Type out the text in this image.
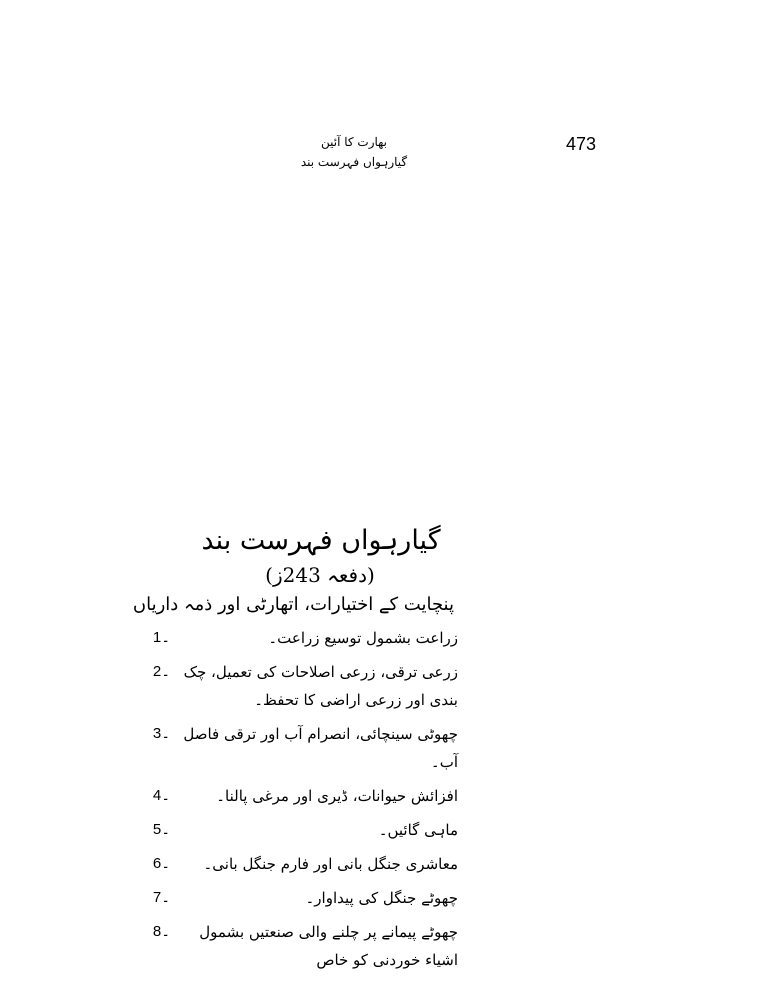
473
بھارت کا آئین
گیارہواں فہرست بند
گیارہواں فہرست بند
(دفعہ 243ز)
پنچایت کے اختیارات، اتھارٹی اور ذمہ داریاں
زراعت بشمول توسیع زراعت۔
1۔
زرعی ترقی، زرعی اصلاحات کی تعمیل، چک بندی اور زرعی اراضی کا تحفظ۔
2۔
چھوٹی سینچائی، انصرام آب اور ترقی فاصل آب۔
3۔
افزائش حیوانات، ڈیری اور مرغی پالنا۔
4۔
ماہی گائیں۔
5۔
معاشری جنگل بانی اور فارم جنگل بانی۔
6۔
چھوٹے جنگل کی پیداوار۔
7۔
چھوٹے پیمانے پر چلنے والی صنعتیں بشمول اشیاء خوردنی کو خاص
8۔
